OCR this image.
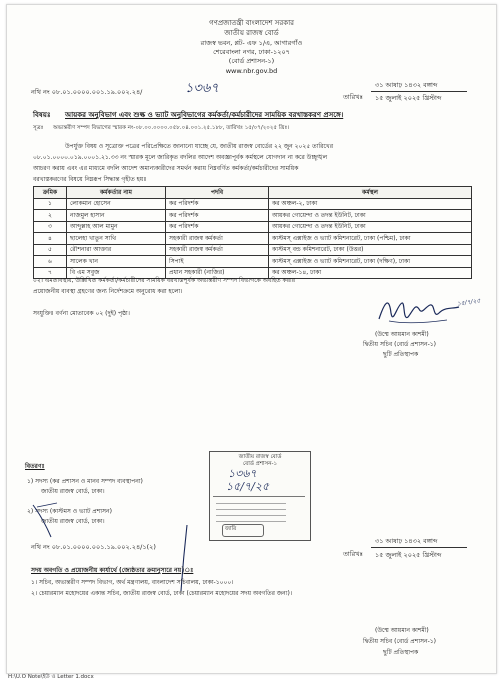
গণপ্রজাতন্ত্রী বাংলাদেশ সরকার
জাতীয় রাজস্ব বোর্ড
রাজস্ব ভবন, প্লট- এফ ১/এ, আগারগাঁও
শেরেবাংলা নগর, ঢাকা-১২০৭
(বোর্ড প্রশাসন-১)
www.nbr.gov.bd
নথি নং ০৮.০১.০০০০.০০১.১৯.০০২.২৪/	১৩৬৭
তারিখঃ
৩১ আষাঢ় ১৪৩২ বঙ্গাব্দ
১৫ জুলাই ২০২৫ খ্রিস্টাব্দ
বিষয়ঃ আয়কর অনুবিভাগ এবং শুল্ক ও ভ্যাট অনুবিভাগের কর্মকর্তা/কর্মচারীদের সাময়িক বরখাস্তকরণ প্রসঙ্গে।
সূত্রঃ অভ্যন্তরীণ সম্পদ বিভাগের স্মারক নং-০৮.০০.০০০০.০৫৮.০৪.০০১.২৫.১৮৮, তারিখঃ ১৫/০৭/২০২৫ খ্রিঃ।
উপর্যুক্ত বিষয় ও সূত্রোক্ত পত্রের পরিপ্রেক্ষিতে জানানো যাচ্ছে যে, জাতীয় রাজস্ব বোর্ডের ২২ জুন ২০২৫ তারিখের
০৮.০১.০০০০.০১৯.০০০১.২১.৩৩ নং স্মারক মূলে জারিকৃত বদলির আদেশ অবজ্ঞাপূর্বক কর্মস্থলে যোগদান না করে উচ্ছৃঙ্খল
আচরণ করায় এবং এর মাধ্যমে বদলি আদেশ অমান্যকারীদের সমর্থন করায় নিম্নবর্ণিত কর্মকর্তা/কর্মচারীদের সাময়িক
বরখাস্তকরণের বিষয়ে নিম্নরূপ সিদ্ধান্ত গৃহীত হয়ঃ
ক্রমিক	কর্মকর্তার নাম	পদবি	কর্মস্থল
১	লোকমান হোসেন	কর পরিদর্শক	কর অঞ্চল-২, ঢাকা
২	নাজমুল হাসান	কর পরিদর্শক	আয়কর গোয়েন্দা ও তদন্ত ইউনিট, ঢাকা
৩	আব্দুল্লাহ আল মামুন	কর পরিদর্শক	আয়কর গোয়েন্দা ও তদন্ত ইউনিট, ঢাকা
৪	ছালেহা খাতুন সাথি	সহকারী রাজস্ব কর্মকর্তা	কাস্টমস্ এক্সাইজ ও ভ্যাট কমিশনারেট, ঢাকা (পশ্চিম), ঢাকা
৫	রৌশনারা আক্তার	সহকারী রাজস্ব কর্মকর্তা	কাস্টমস্ বন্ড কমিশনারেট, ঢাকা (উত্তর)
৬	সালেক খান	সিপাই	কাস্টমস্ এক্সাইজ ও ভ্যাট কমিশনারেট, ঢাকা (দক্ষিণ), ঢাকা
৭	বি এম সবুজ	প্রধান সহকারী (নাজির)	কর অঞ্চল-১৪, ঢাকা
০২। এমতাবস্থায়, উল্লিখিত কর্মকর্তা/কর্মচারীদের সাময়িক বরখাস্তপূর্বক অভ্যন্তরীণ সম্পদ বিভাগকে অবহিত করার
প্রয়োজনীয় ব্যবস্থা গ্রহণের জন্য নির্দেশক্রমে অনুরোধ করা হলো।
সংযুক্তিঃ বর্ণনা মোতাবেক ০২ (দুই) পৃষ্ঠা।
১৫/৭/২৫
(উম্মে আয়মান কাশমী)
দ্বিতীয় সচিব (বোর্ড প্রশাসন-১)
ছুটি প্রতিস্থাপক
জাতীয় রাজস্ব বোর্ড
বোর্ড প্রশাসন-১
১৩৬৭
১৫/৭/২৫
জারি
বিতরণঃ
১) সদস্য (কর প্রশাসন ও মানব সম্পদ ব্যবস্থাপনা)
জাতীয় রাজস্ব বোর্ড, ঢাকা।
২) সদস্য (কাস্টমস ও ভ্যাট প্রশাসন)
জাতীয় রাজস্ব বোর্ড, ঢাকা।
নথি নং ০৮.০১.০০০০.০০১.১৯.০০২.২৪/১(২)
তারিখঃ
৩১ আষাঢ় ১৪৩২ বঙ্গাব্দ
১৫ জুলাই ২০২৫ খ্রিস্টাব্দ
সদয় অবগতি ও প্রয়োজনীয় কার্যার্থে (জ্যেষ্ঠতার ক্রমানুসারে নয়)ঃ
১। সচিব, অভ্যন্তরীণ সম্পদ বিভাগ, অর্থ মন্ত্রণালয়, বাংলাদেশ সচিবালয়, ঢাকা-১০০০।
২। চেয়ারম্যান মহোদয়ের একান্ত সচিব, জাতীয় রাজস্ব বোর্ড, ঢাকা (চেয়ারম্যান মহোদয়ের সদয় অবগতির জন্য)।
(উম্মে আয়মান কাশমী)
দ্বিতীয় সচিব (বোর্ড প্রশাসন-১)
ছুটি প্রতিস্থাপক
H:\U.O Note\ইউ ও Letter 1.docx
